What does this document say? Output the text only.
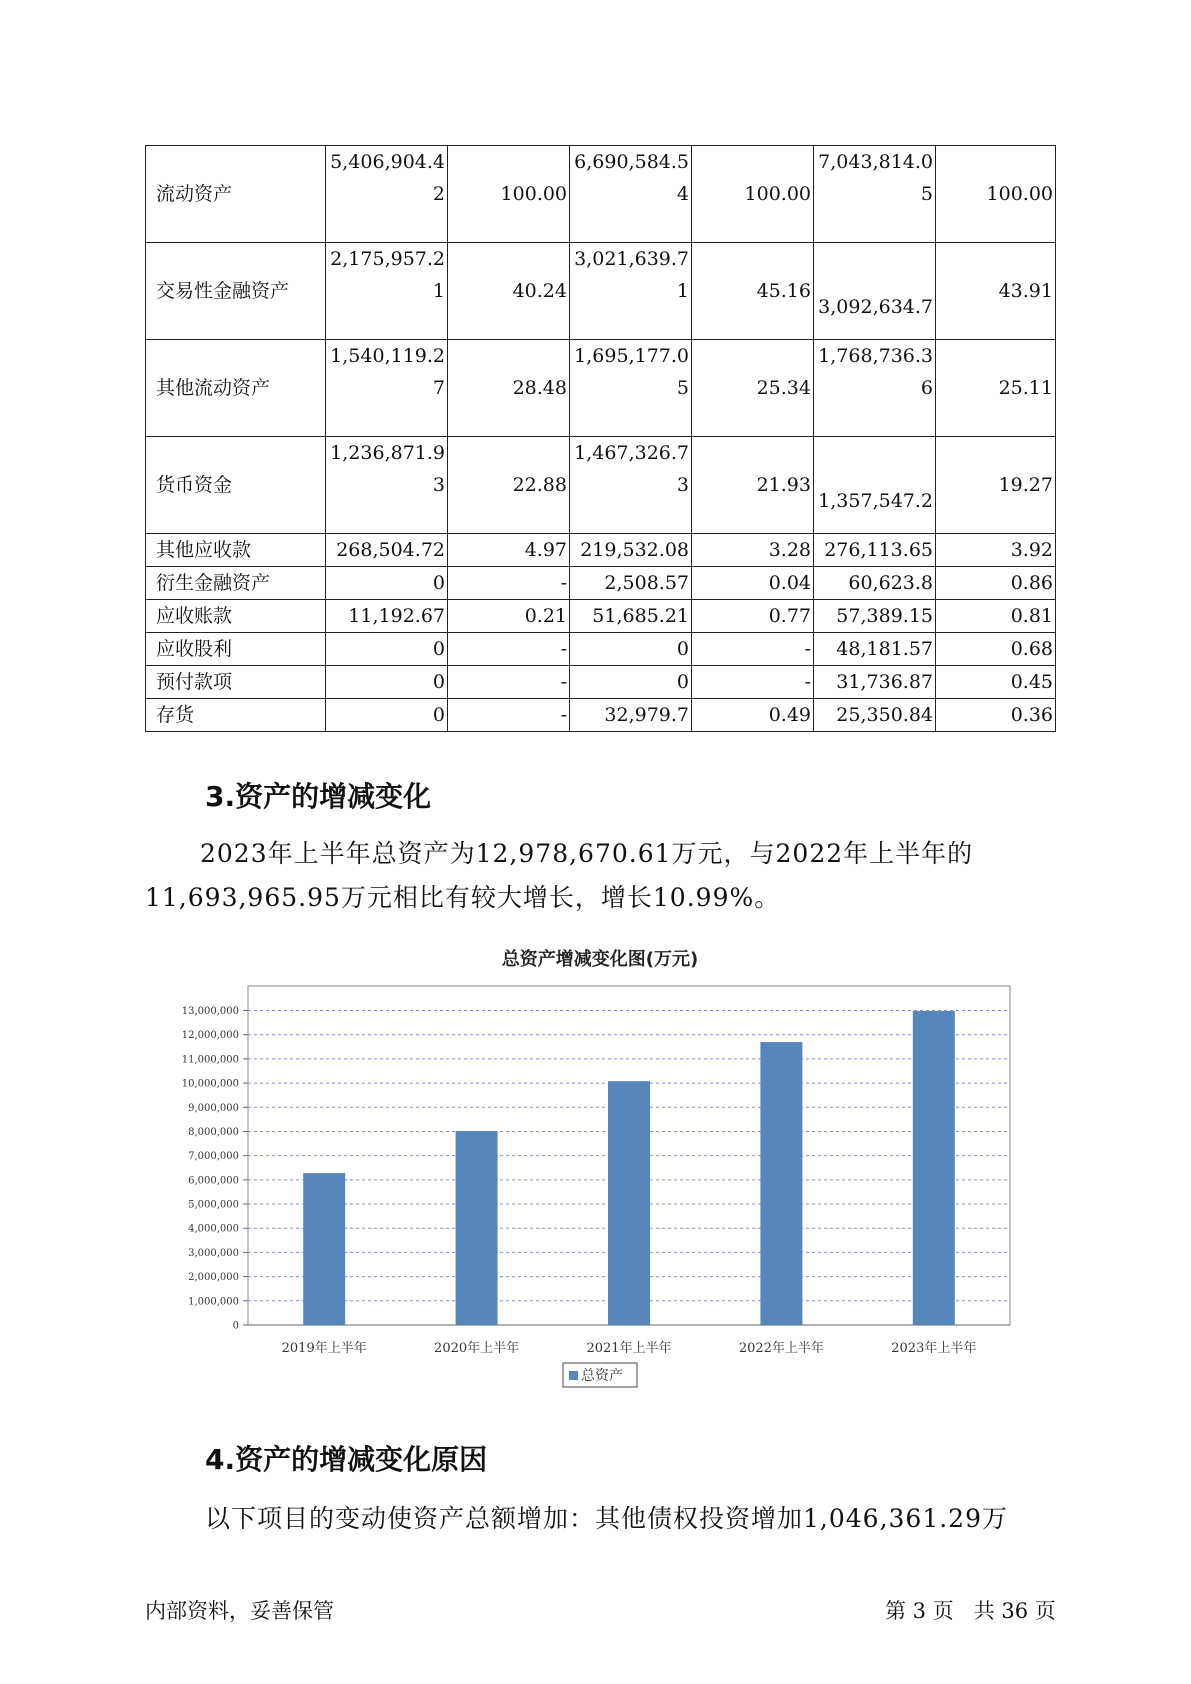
流动资产	5,406,904.42	100.00	6,690,584.54	100.00	7,043,814.05	100.00

交易性金融资产	2,175,957.21	40.24	3,021,639.71	45.16	3,092,634.7	43.91

其他流动资产	1,540,119.27	28.48	1,695,177.05	25.34	1,768,736.36	25.11

货币资金	1,236,871.93	22.88	1,467,326.73	21.93	1,357,547.2	19.27

其他应收款	268,504.72	4.97	219,532.08	3.28	276,113.65	3.92

衍生金融资产	0	-	2,508.57	0.04	60,623.8	0.86

应收账款	11,192.67	0.21	51,685.21	0.77	57,389.15	0.81

应收股利	0	-	0	-	48,181.57	0.68

预付款项	0	-	0	-	31,736.87	0.45

存货	0	-	32,979.7	0.49	25,350.84	0.36
3.资产的增减变化
2023年上半年总资产为12,978,670.61万元，与2022年上半年的
11,693,965.95万元相比有较大增长，增长10.99%。
总资产增减变化图(万元)
0
1,000,000
2,000,000
3,000,000
4,000,000
5,000,000
6,000,000
7,000,000
8,000,000
9,000,000
10,000,000
11,000,000
12,000,000
13,000,000
2019年上半年	2020年上半年	2021年上半年	2022年上半年	2023年上半年
总资产
4.资产的增减变化原因
以下项目的变动使资产总额增加：其他债权投资增加1,046,361.29万
内部资料，妥善保管	第 3 页   共 36 页
